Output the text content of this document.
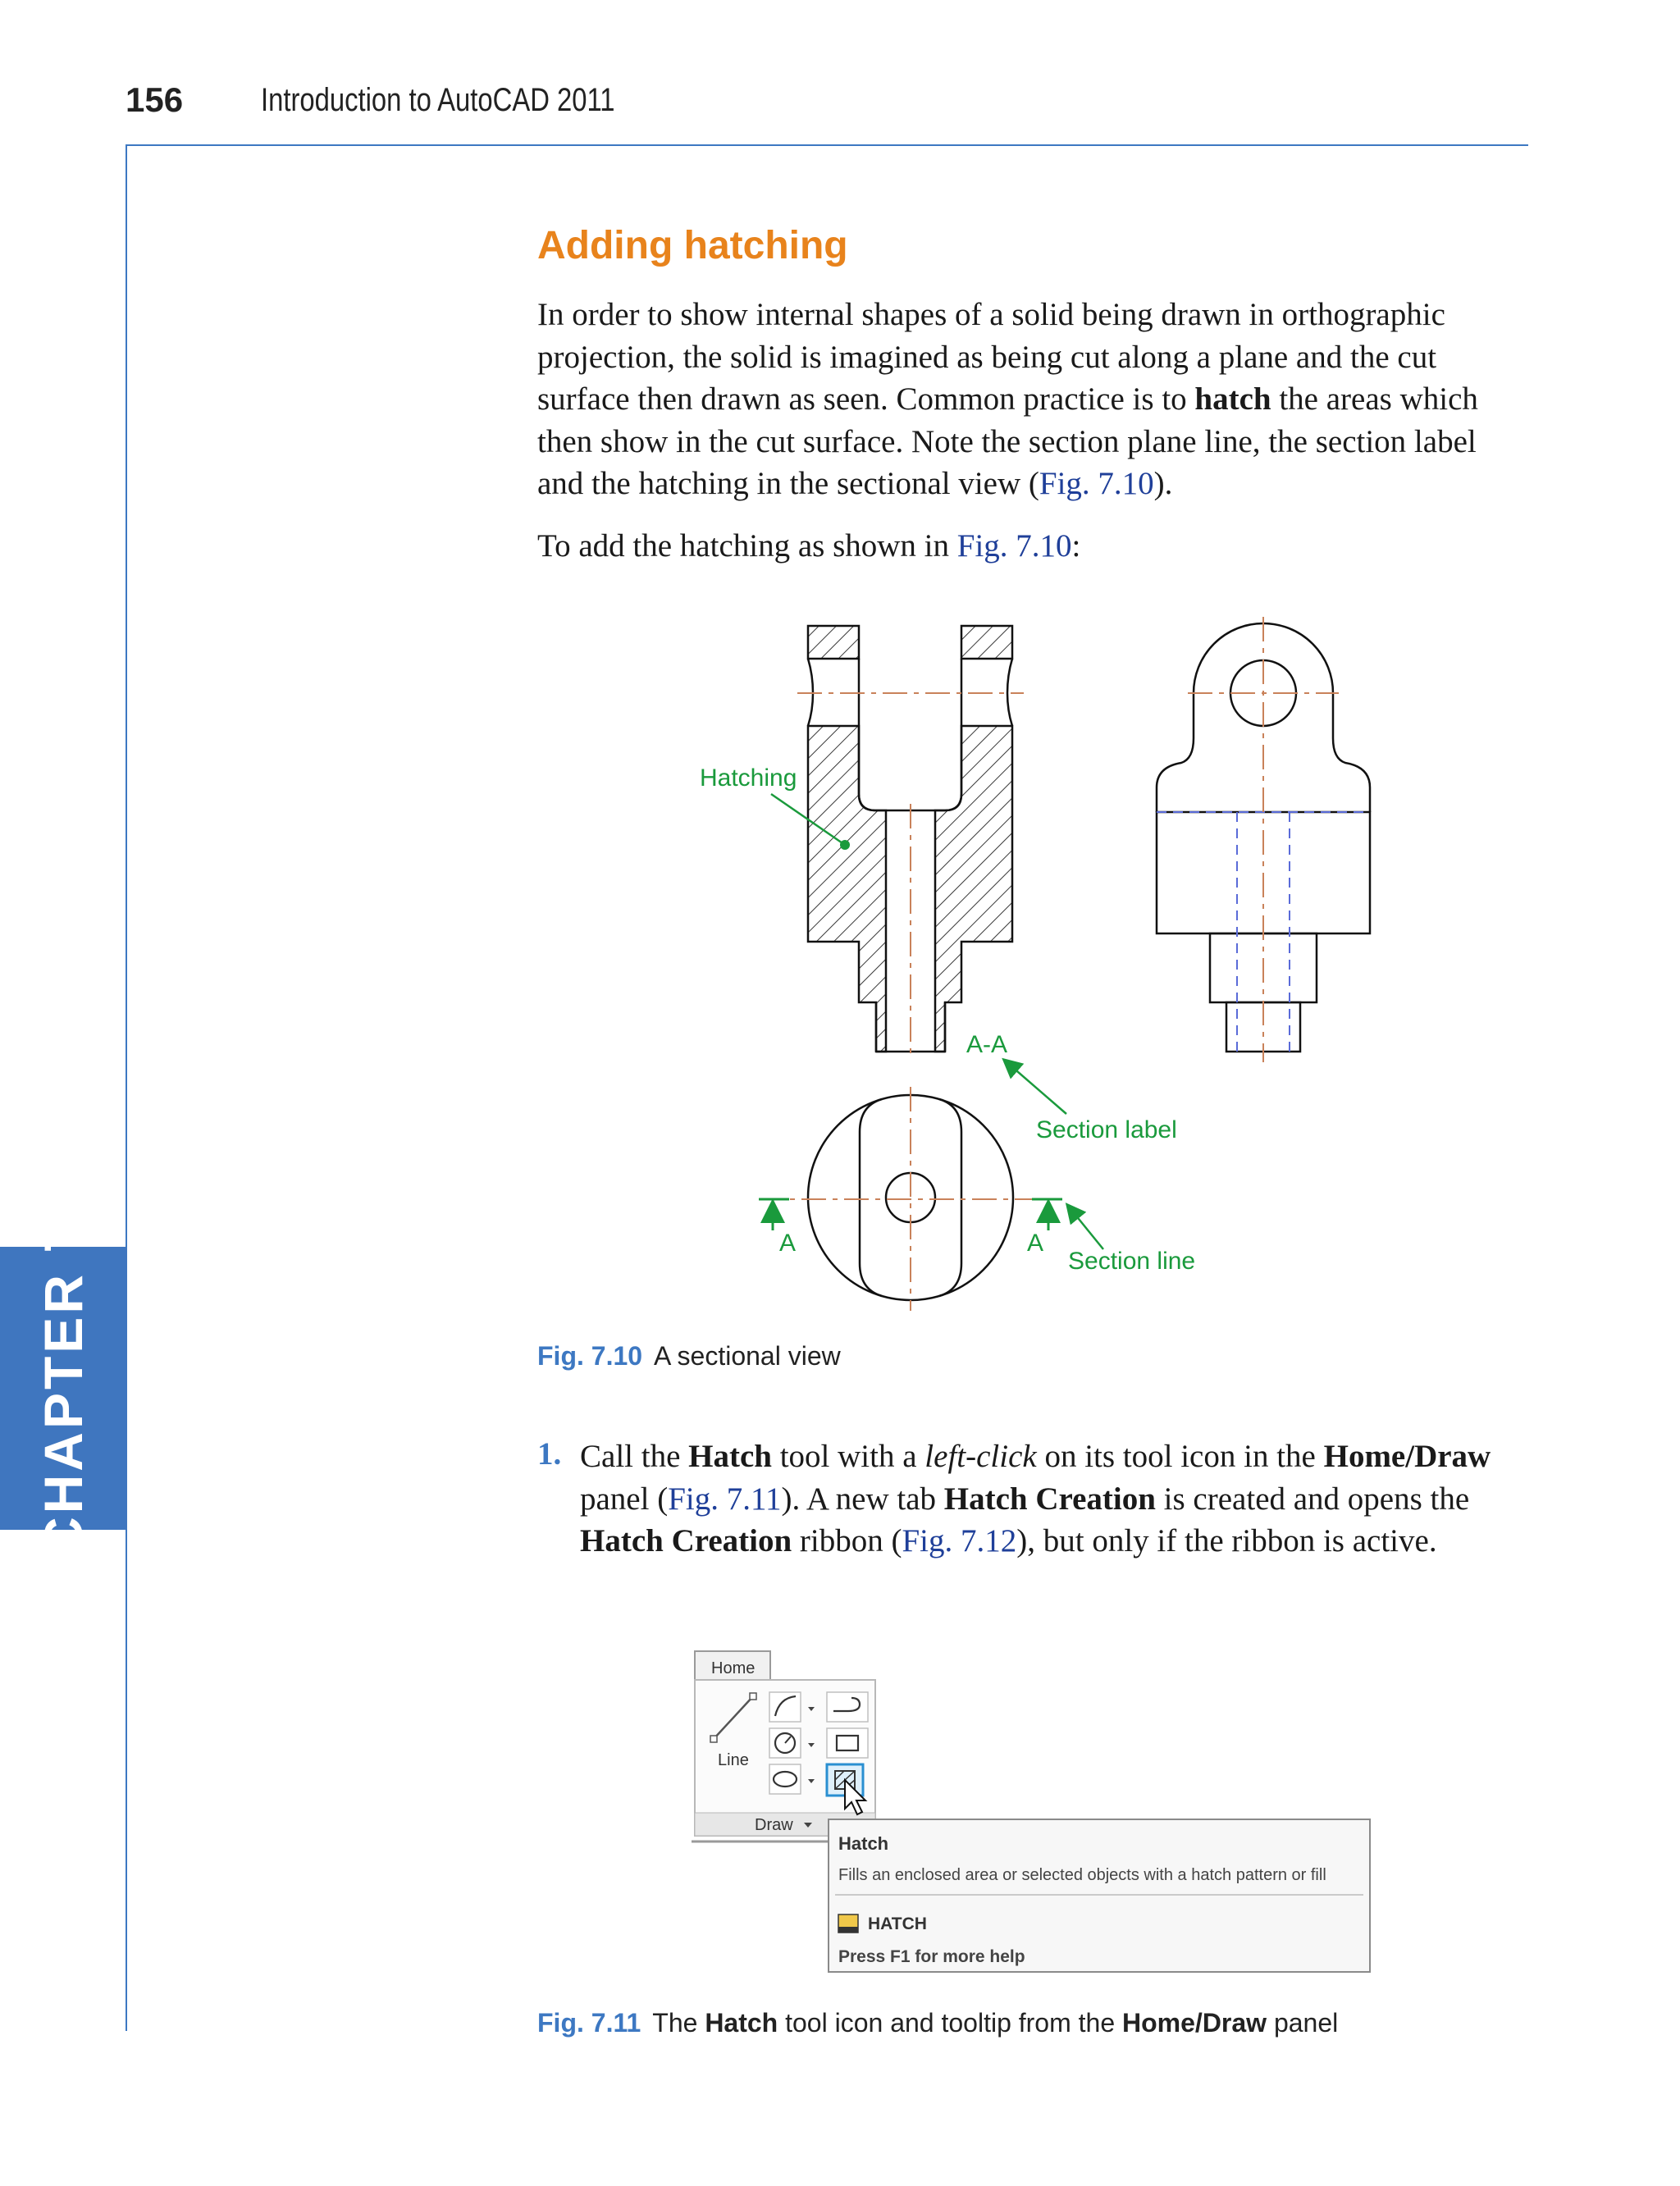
156 Introduction to AutoCAD 2011
CHAPTER 7
Adding hatching
In order to show internal shapes of a solid being drawn in orthographic projection, the solid is imagined as being cut along a plane and the cut surface then drawn as seen. Common practice is to hatch the areas which then show in the cut surface. Note the section plane line, the section label and the hatching in the sectional view (Fig. 7.10).
To add the hatching as shown in Fig. 7.10:
Hatching
A-A
Section label
A	A
Section line
Fig. 7.10 A sectional view
1. Call the Hatch tool with a left-click on its tool icon in the Home/Draw panel (Fig. 7.11). A new tab Hatch Creation is created and opens the Hatch Creation ribbon (Fig. 7.12), but only if the ribbon is active.
Home
Draw
Line
Hatch
Fills an enclosed area or selected objects with a hatch pattern or fill
HATCH
Press F1 for more help
Fig. 7.11 The Hatch tool icon and tooltip from the Home/Draw panel
